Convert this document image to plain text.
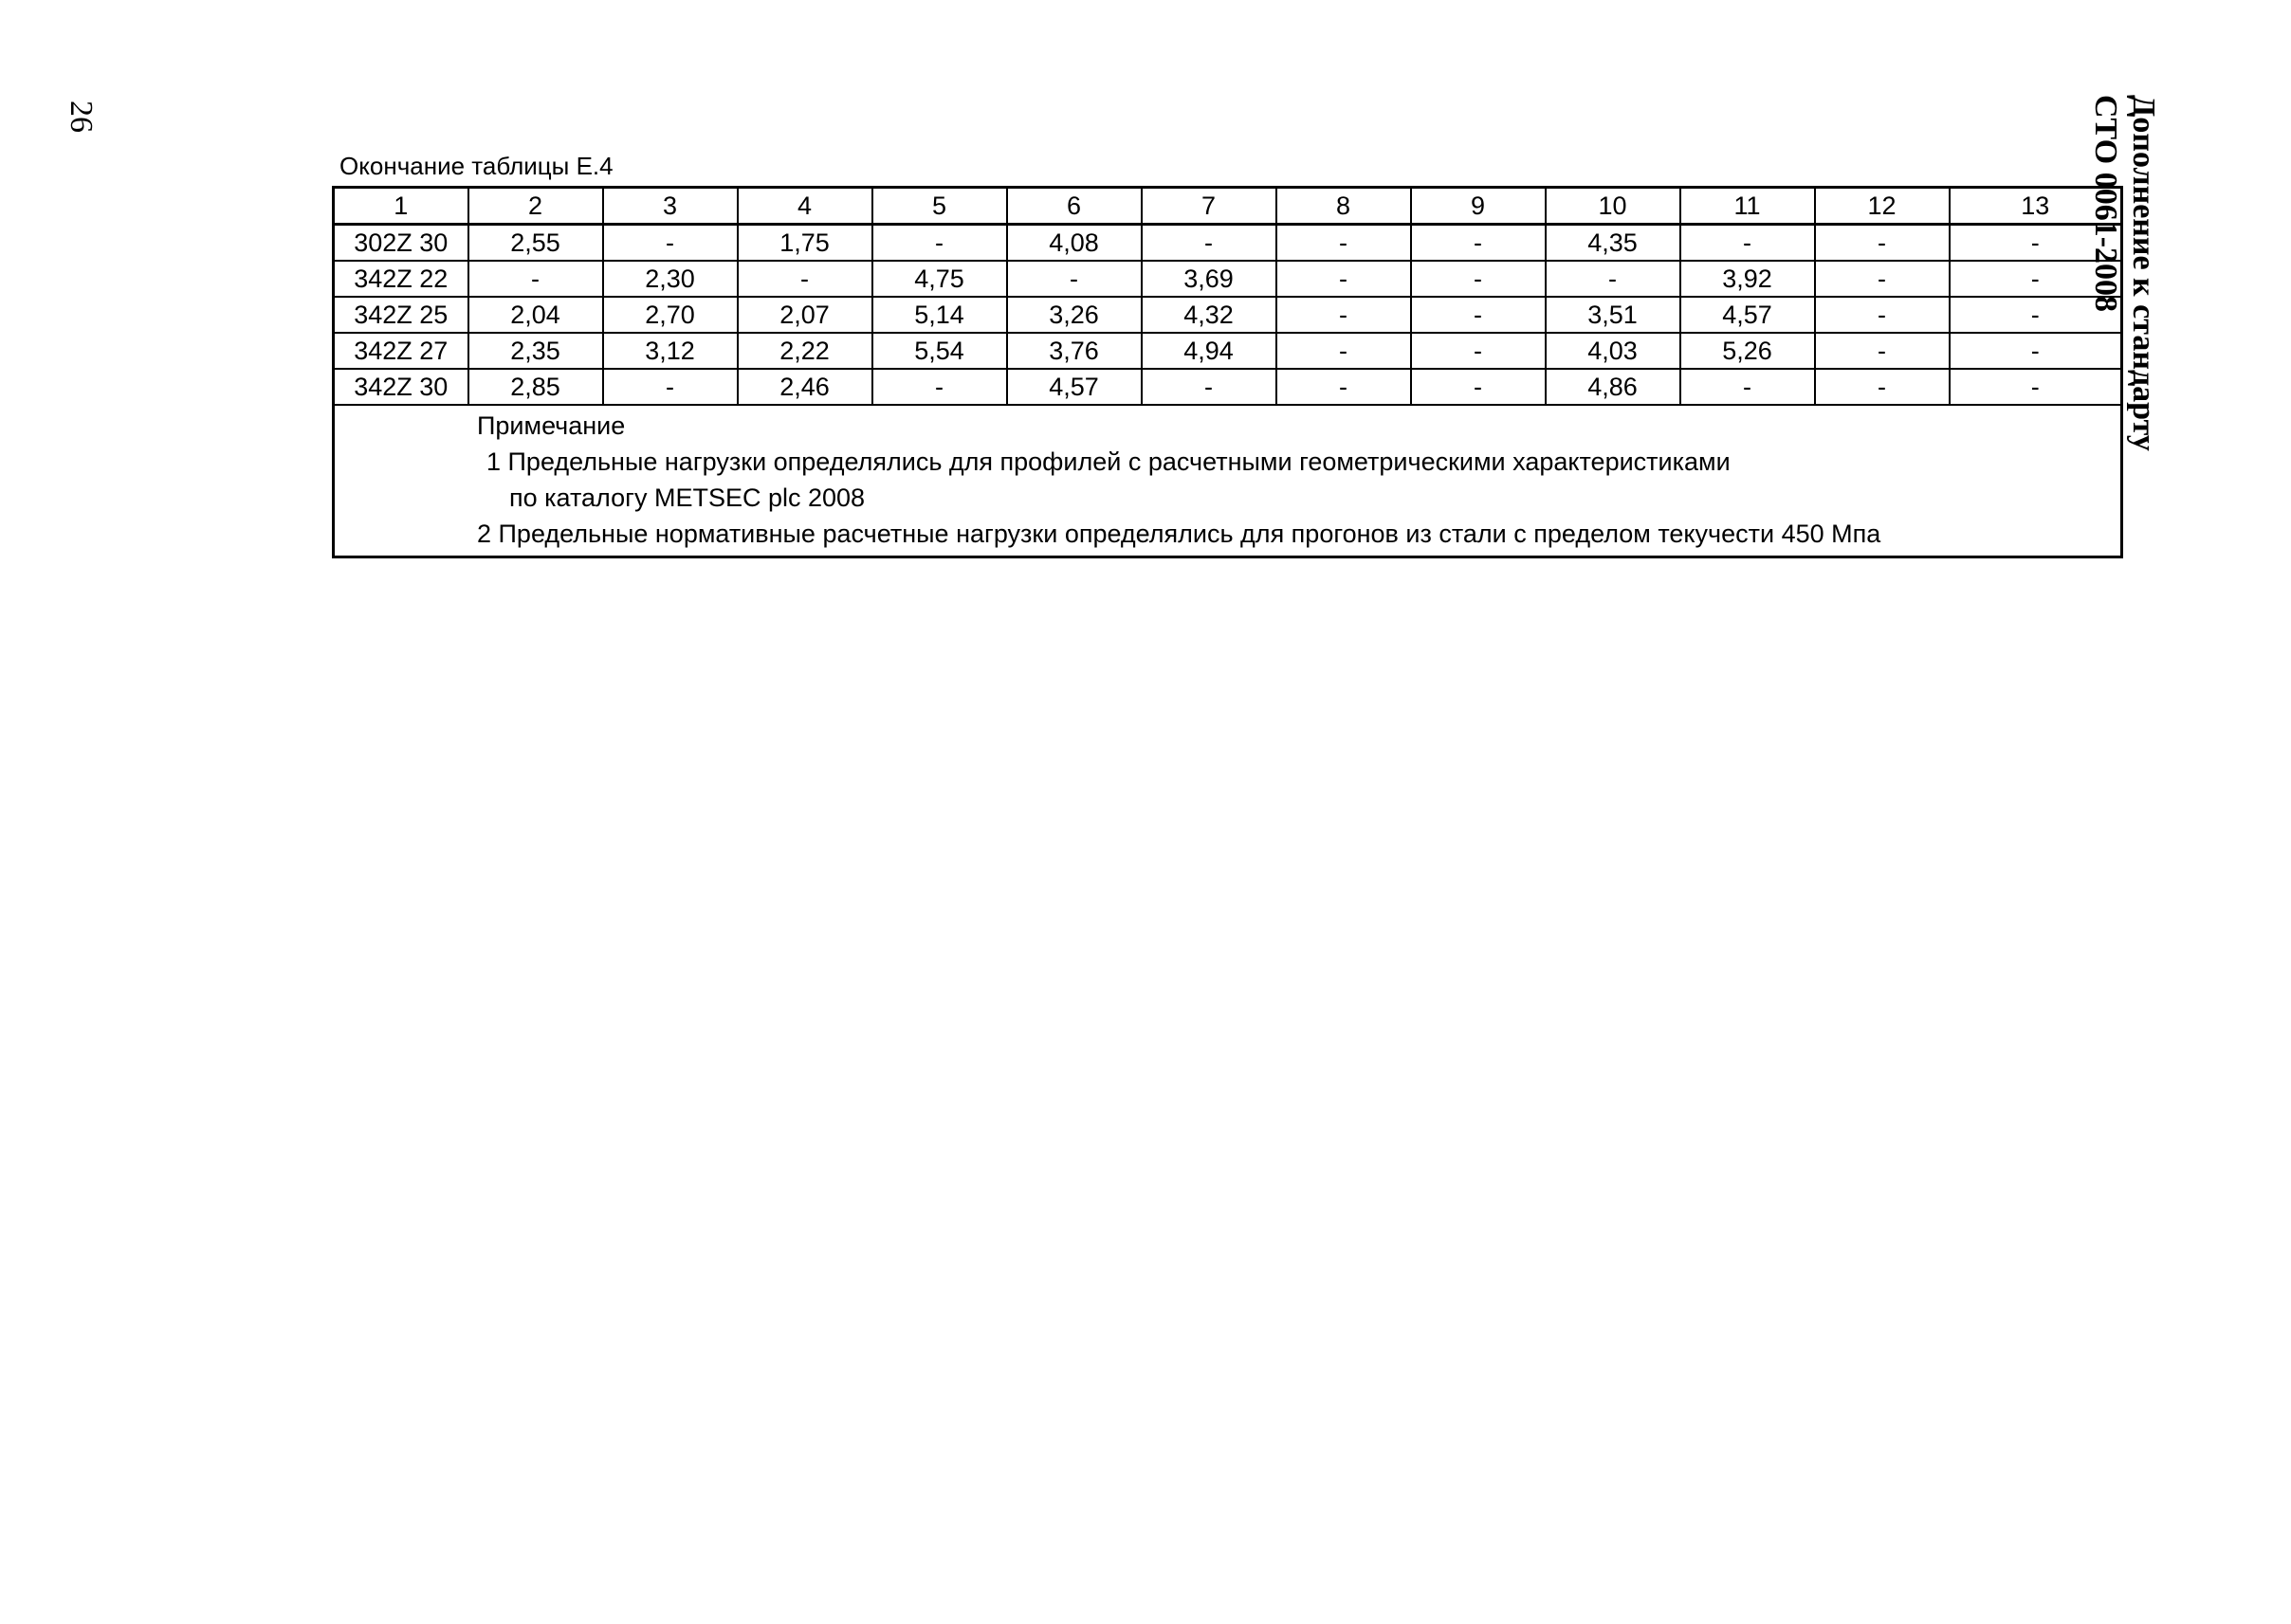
26	Дополнение к стандарту
СТО 0061-2008
Окончание таблицы Е.4
1	2	3	4	5	6	7	8	9	10	11	12	13
302Z 30	2,55	-	1,75	-	4,08	-	-	-	4,35	-	-	-
342Z 22	-	2,30	-	4,75	-	3,69	-	-	-	3,92	-	-
342Z 25	2,04	2,70	2,07	5,14	3,26	4,32	-	-	3,51	4,57	-	-
342Z 27	2,35	3,12	2,22	5,54	3,76	4,94	-	-	4,03	5,26	-	-
342Z 30	2,85	-	2,46	-	4,57	-	-	-	4,86	-	-	-

Примечание
1 Предельные нагрузки определялись для профилей с расчетными геометрическими характеристиками
по каталогу METSEC plc 2008
2 Предельные нормативные расчетные нагрузки определялись для прогонов из стали с пределом текучести 450 Мпа												
